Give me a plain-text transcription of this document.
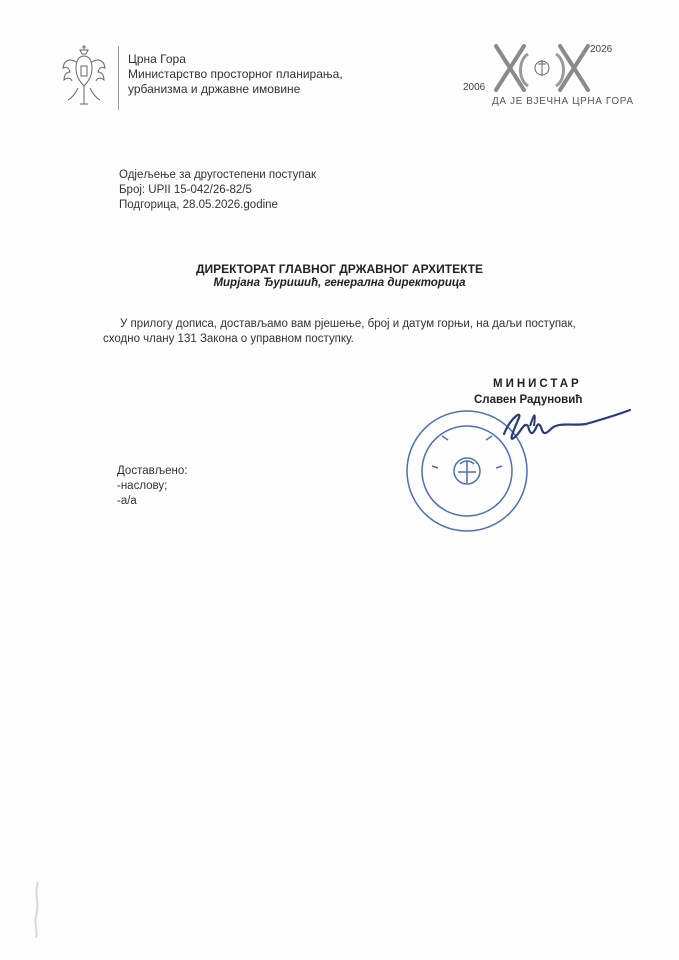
Црна Гора
Министарство просторног планирања,
урбанизма и државне имовине	2006
2026
ДА ЈЕ ВЈЕЧНА ЦРНА ГОРА
Одјељење за другостепени поступак
Број: UPII 15-042/26-82/5
Подгорица, 28.05.2026.godine
ДИРЕКТОРАТ ГЛАВНОГ ДРЖАВНОГ АРХИТЕКТЕ
Мирјана Ђуришић, генерална директорица
У прилогу дописа, достављамо вам рјешење, број и датум горњи, на даљи поступак,
сходно члану 131 Закона о управном поступку.
МИНИСТАР
Славен Радуновић
Достављено:
-наслову;
-а/а
